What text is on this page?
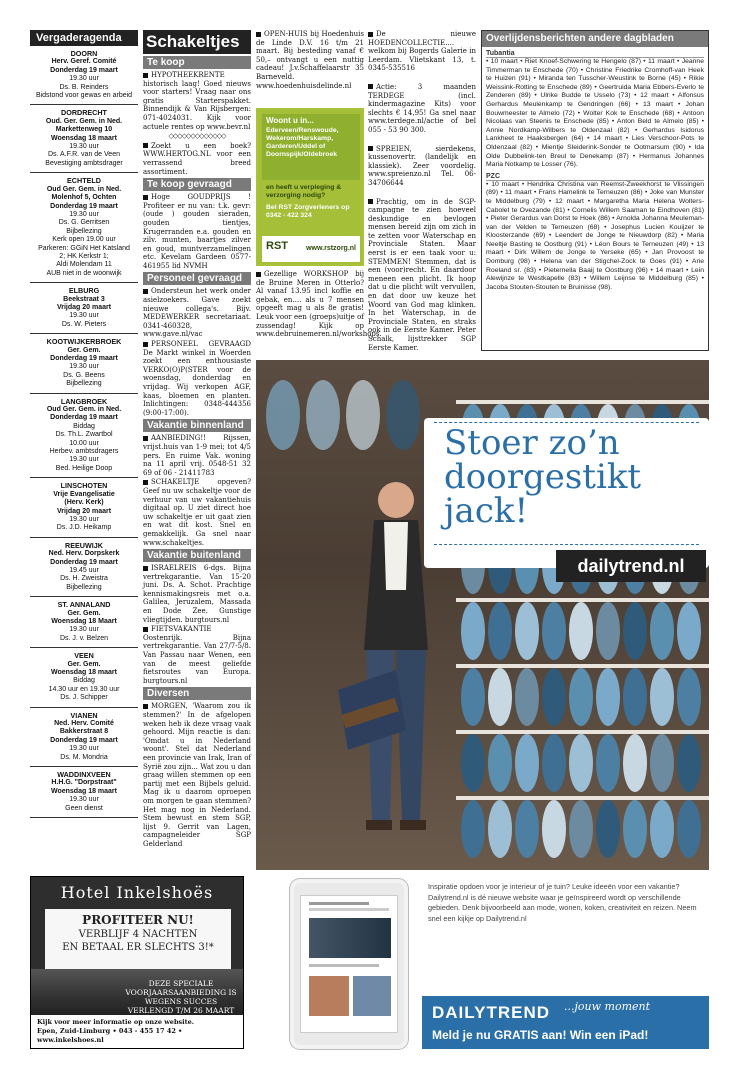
Vergaderagenda
DOORN
Herv. Geref. Comité
Donderdag 19 maart
19.30 uur
Ds. B. Reinders
Bidstond voor gewas en arbeid
DORDRECHT
Oud. Ger. Gem. in Ned.
Markettenweg 10
Woensdag 18 maart
19.30 uur
Ds. A.F.R. van de Veen
Bevestiging ambtsdrager
ECHTELD
Oud Ger. Gem. in Ned.
Molenhof 5, Ochten
Donderdag 19 maart
19.30 uur
Ds. G. Gerritsen
Bijbellezing
Kerk open 19.00 uur
Parkeren: GGiN Het Katsland
2; HK Kerkstr 1;
Aldi Molendam 11
AUB niet in de woonwijk
ELBURG
Beekstraat 3
Vrijdag 20 maart
19.30 uur
Ds. W. Pieters
KOOTWIJKERBROEK
Ger. Gem.
Donderdag 19 maart
19.30 uur
Ds. G. Beens
Bijbellezing
LANGBROEK
Oud Ger. Gem. in Ned.
Donderdag 19 maart
Biddag
Ds. Th.L. Zwartbol
10.00 uur
Herbev. ambtsdragers
19.30 uur
Bed. Heilige Doop
LINSCHOTEN
Vrije Evangelisatie
(Herv. Kerk)
Vrijdag 20 maart
19.30 uur
Ds. J.D. Heikamp
REEUWIJK
Ned. Herv. Dorpskerk
Donderdag 19 maart
19.45 uur
Ds. H. Zweistra
Bijbellezing
ST. ANNALAND
Ger. Gem.
Woensdag 18 Maart
19.30 uur
Ds. J. v. Belzen
VEEN
Ger. Gem.
Woensdag 18 maart
Biddag
14.30 uur en 19.30 uur
Ds. J. Schipper
VIANEN
Ned. Herv. Comité
Bakkerstraat 8
Donderdag 19 maart
19.30 uur
Ds. M. Mondria
WADDINXVEEN
H.H.G. "Dorpstraat"
Woensdag 18 maart
19.30 uur
Geen dienst
Hotel Inkelshoës
PROFITEER NU!
VERBLIJF 4 NACHTEN
EN BETAAL ER SLECHTS 3!*
DEZE SPECIALE
VOORJAARSAANBIEDING IS
WEGENS SUCCES
VERLENGD T/M 26 MAART
Kijk voor meer informatie op onze website.
Epen, Zuid-Limburg • 043 - 455 17 42 • www.inkelshoes.nl
Schakeltjes
Te koop

HYPOTHEEKRENTE historisch laag! Goed nieuws voor starters! Vraag naar ons gratis Starterspakket. Binnendijk & Van Rijsbergen: 071-4024031. Kijk voor actuele rentes op www.bevr.nl

◇◇◇◇◇◇◇◇◇◇◇◇◇

Zoekt u een boek? WWW.HERTOG.NL voor een verrassend breed assortiment.

Te koop gevraagd

Hoge GOUDPRIJS ! Profiteer er nu van: t.k. gevr: (oude ) gouden sieraden, gouden tientjes, Krugerranden e.a. gouden en zilv. munten, baartjes zilver en goud, muntverzamelingen etc. Kevelam Gardeen 0577-461955 lid NVMH

Personeel gevraagd

Ondersteun het werk onder asielzoekers. Gave zoekt nieuwe collega's. Bijv. MEDEWERKER secretariaat. 0341-460328, www.gave.nl/vac

PERSONEEL GEVRAAGD De Markt winkel in Woerden zoekt een enthousiaste VERKO(O)P(STER voor de woensdag, donderdag en vrijdag. Wij verkopen AGF, kaas, bloemen en planten. Inlichtingen: 0348-444356 (9:00-17:00).

Vakantie binnenland

AANBIEDING!! Rijssen, vrijst.huis van 1-9 mei; tot 4/5 pers. En ruime Vak. woning na 11 april vrij. 0548-51 32 69 of 06 - 21411783

SCHAKELTJE opgeven? Geef nu uw schakeltje voor de verhuur van uw vakantiehuis digitaal op. U ziet direct hoe uw schakeltje er uit gaat zien en wat dit kost. Snel en gemakkelijk. Ga snel naar www.schakeltjes.

Vakantie buitenland

ISRAELREIS 6-dgs. Bijna vertrekgarantie. Van 15-20 juni. Ds. A. Schot. Prachtige kennismakingsreis met o.a. Galilea, Jeruzalem, Massada en Dode Zee. Gunstige vliegtijden. burgtours.nl

FIETSVAKANTIE Oostenrijk. Bijna vertrekgarantie. Van 27/7-5/8. Van Passau naar Wenen, een van de meest geliefde fietsroutes van Europa. burgtours.nl

Diversen

MORGEN, 'Waarom zou ik stemmen?' In de afgelopen weken heb ik deze vraag vaak gehoord. Mijn reactie is dan: 'Omdat u in Nederland woont'. Stel dat Nederland een provincie van Irak, Iran of Syrië zou zijn... Wat zou u dan graag willen stemmen op een partij met een Bijbels geluid. Mag ik u daarom oproepen om morgen te gaan stemmen? Het mag nog in Nederland. Stem bewust en stem SGP, lijst 9. Gerrit van Lagen, campagneleider SGP Gelderland

OPEN-HUIS bij Hoedenhuis de Linde D.V. 16 t/m 21 maart. Bij besteding vanaf € 50,– ontvangt u een nuttig cadeau! J.v.Schaffelaarstr 35 Barneveld. www.hoedenhuisdelinde.nl

Woont u in...
Ederveen/Renswoude, Wekerom/Harskamp, Garderen/Uddel of Doornspijk/Oldebroek
en heeft u verpleging & verzorging nodig?
Bel RST Zorgverleners op
0342 - 422 324
RST	www.rstzorg.nl

Gezellige WORKSHOP bij de Bruine Meren in Otterlo? Al vanaf 13.95 incl koffie en gebak, en.... als u 7 mensen opgeeft mag u als 8e gratis! Leuk voor een (groeps)uitje of zussendag! Kijk op www.debruinemeren.nl/workshops.

De nieuwe HOEDENCOLLECTIE.... welkom bij Bogerds Galerie in Leerdam. Vlietskant 13, t. 0345-535516

Actie: 3 maanden TERDEGE (incl. kindermagazine Kits) voor slechts € 14,95! Ga snel naar www.terdege.nl/actie of bel 055 - 53 90 300.

SPREIEN, sierdekens, kussenovertr. (landelijk en klassiek). Zeer voordelig. www.spreienzo.nl Tel. 06-34706644

Prachtig, om in de SGP-campagne te zien hoeveel deskundige en bevlogen mensen bereid zijn om zich in te zetten voor Waterschap en Provinciale Staten. Maar eerst is er een taak voor u: STEMMEN! Stemmen, dat is een (voor)recht. En daardoor meneen een plicht. Ik hoop dat u die plicht wilt vervullen, en dat door uw keuze het Woord van God mag klinken. In het Waterschap, in de Provinciale Staten, en straks ook in de Eerste Kamer. Peter Schalk, lijsttrekker SGP Eerste Kamer.

Overlijdensberichten andere dagbladen
Tubantia
• 10 maart • Riet Knoef-Schwering te Hengelo (87) • 11 maart • Jeanne Timmerman te Enschede (70) • Christine Friedrike Cromhoff-van Heek te Huizen (91) • Miranda ten Tusscher-Weustink te Borne (45) • Rikie Weissink-Rotting te Enschede (89) • Geertruida Maria Ebbers-Everlo te Zenderen (89) • Ulrike Budde te Usselo (73) • 12 maart • Alfonsus Gerhardus Meulenkamp te Gendringen (66) • 13 maart • Johan Bouwmeester te Almelo (72) • Wolter Kok te Enschede (68) • Antoon Nicolaas van Steenis te Enschede (85) • Anton Beld te Almelo (85) • Annie Nordkamp-Wilbers te Oldenzaal (82) • Gerhardus Isidorus Lankheet te Haaksbergen (64) • 14 maart • Lies Verschoor-Pots te Oldenzaal (82) • Mientje Sleiderink-Sonder te Ootmarsum (90) • Ida Olde Dubbelink-ten Breul te Denekamp (87) • Hermanus Johannes Maria Notkamp te Losser (76).
PZC
• 10 maart • Hendrika Christina van Reemst-Zweekhorst te Vlissingen (89) • 11 maart • Frans Hamelink te Terneuzen (86) • Joke van Munster te Middelburg (79) • 12 maart • Margaretha Maria Helena Wolters-Cabolet te Ovezande (81) • Cornelis Willem Saaman te Eindhoven (81) • Pieter Gerardus van Dorst te Hoek (86) • Arnolda Johanna Meuleman-van der Velden te Terneuzen (68) • Josephus Lucien Kouijzer te Kloosterzande (69) • Leendert de Jonge te Nieuwdorp (82) • Maria Neeltje Basting te Oostburg (91) • Léon Bours te Terneuzen (49) • 13 maart • Dirk Willem de Jonge te Yerseke (65) • Jan Provoost te Domburg (98) • Helena van der Stigchel-Zock te Goes (91) • Arie Roeland sr. (83) • Pieternella Baaij te Oostburg (96) • 14 maart • Lein Alewijnze te Westkapelle (83) • Willem Leijnse te Middelburg (85) • Jacoba Stouten-Stouten te Bruinisse (98).
Stoer zo’n
doorgestikt
jack!
dailytrend.nl
Inspiratie opdoen voor je interieur of je tuin? Leuke ideeën voor een vakantie? Dailytrend.nl is dé nieuwe website waar je geïnspireerd wordt op verschillende gebieden. Denk bijvoorbeeld aan mode, wonen, koken, creativiteit en reizen. Neem snel een kijkje op Dailytrend.nl
DAILYTREND ...jouw moment
Meld je nu GRATIS aan! Win een iPad!
